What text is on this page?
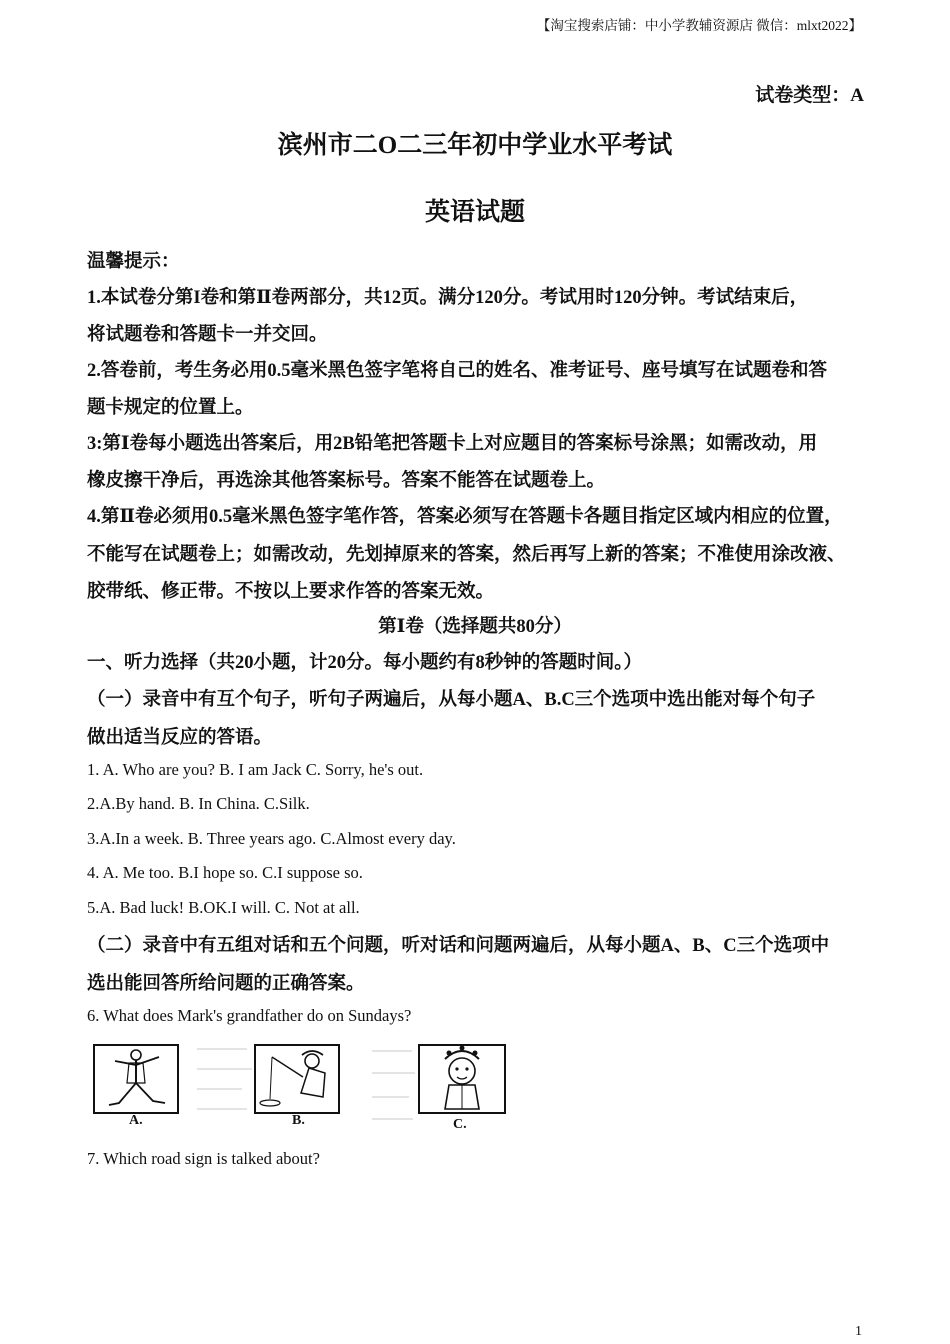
【淘宝搜索店铺：中小学教辅资源店 微信：mlxt2022】
试卷类型：A
滨州市二O二三年初中学业水平考试
英语试题
温馨提示：
1.本试卷分第I卷和第Ⅱ卷两部分，共12页。满分120分。考试用时120分钟。考试结束后，
将试题卷和答题卡一并交回。
2.答卷前，考生务必用0.5毫米黑色签字笔将自己的姓名、准考证号、座号填写在试题卷和答
题卡规定的位置上。
3:第Ⅰ卷每小题选出答案后，用2B铅笔把答题卡上对应题目的答案标号涂黑；如需改动，用
橡皮擦干净后，再选涂其他答案标号。答案不能答在试题卷上。
4.第Ⅱ卷必须用0.5毫米黑色签字笔作答，答案必须写在答题卡各题目指定区域内相应的位置，
不能写在试题卷上；如需改动，先划掉原来的答案，然后再写上新的答案；不准使用涂改液、
胶带纸、修正带。不按以上要求作答的答案无效。
第Ⅰ卷（选择题共80分）
一、听力选择（共20小题，计20分。每小题约有8秒钟的答题时间。）
（一）录音中有互个句子，听句子两遍后，从每小题A、B.C三个选项中选出能对每个句子
做出适当反应的答语。
1. A. Who are you? B. I am Jack C. Sorry, he's out.
2.A.By hand. B. In China. C.Silk.
3.A.In a week. B. Three years ago. C.Almost every day.
4. A. Me too. B.I hope so. C.I suppose so.
5.A. Bad luck! B.OK.I will. C. Not at all.
（二）录音中有五组对话和五个问题，听对话和问题两遍后，从每小题A、B、C三个选项中
选出能回答所给问题的正确答案。
6. What does Mark's grandfather do on Sundays?
A.	B.	C.
7. Which road sign is talked about?
1
